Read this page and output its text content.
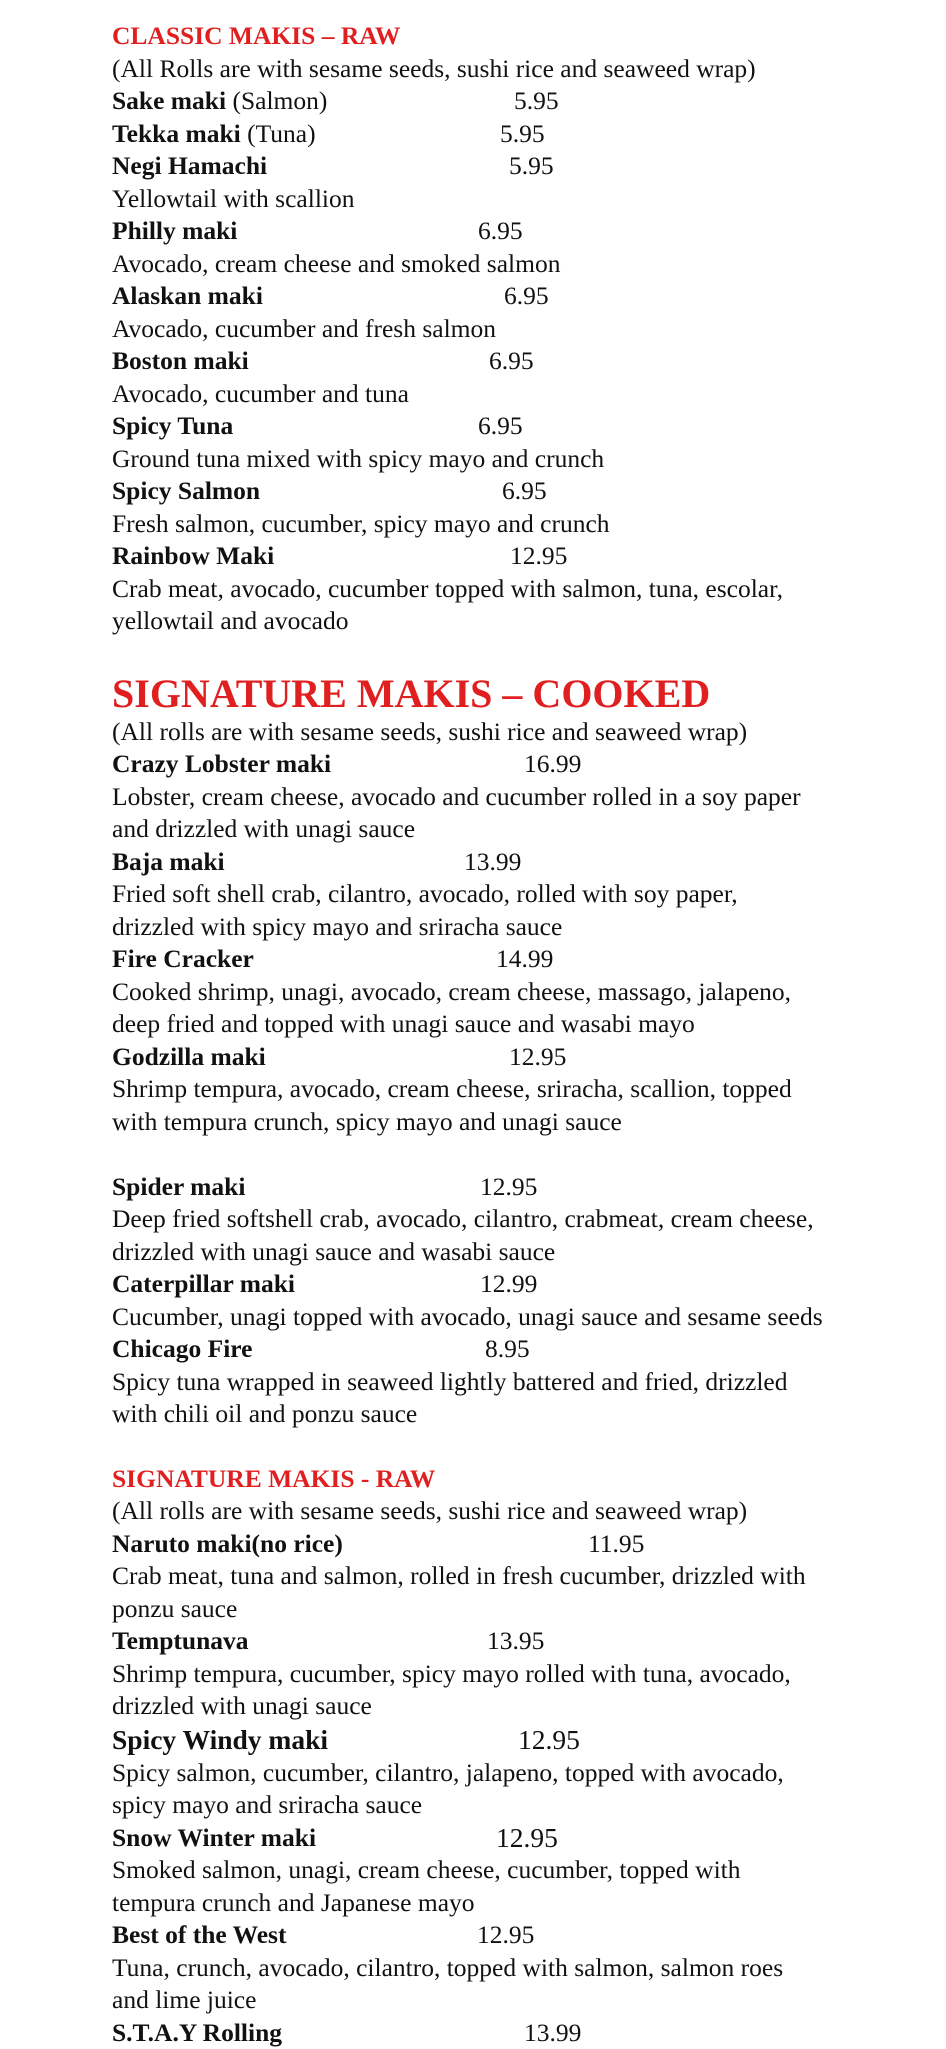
CLASSIC MAKIS – RAW
(All Rolls are with sesame seeds, sushi rice and seaweed wrap)
Sake maki (Salmon)	5.95
Tekka maki (Tuna)	5.95
Negi Hamachi	5.95
Yellowtail with scallion
Philly maki	6.95
Avocado, cream cheese and smoked salmon
Alaskan maki	6.95
Avocado, cucumber and fresh salmon
Boston maki	6.95
Avocado, cucumber and tuna
Spicy Tuna	6.95
Ground tuna mixed with spicy mayo and crunch
Spicy Salmon	6.95
Fresh salmon, cucumber, spicy mayo and crunch
Rainbow Maki	12.95
Crab meat, avocado, cucumber topped with salmon, tuna, escolar,
yellowtail and avocado
SIGNATURE MAKIS – COOKED
(All rolls are with sesame seeds, sushi rice and seaweed wrap)
Crazy Lobster maki	16.99
Lobster, cream cheese, avocado and cucumber rolled in a soy paper
and drizzled with unagi sauce
Baja maki	13.99
Fried soft shell crab, cilantro, avocado, rolled with soy paper,
drizzled with spicy mayo and sriracha sauce
Fire Cracker	14.99
Cooked shrimp, unagi, avocado, cream cheese, massago, jalapeno,
deep fried and topped with unagi sauce and wasabi mayo
Godzilla maki	12.95
Shrimp tempura, avocado, cream cheese, sriracha, scallion, topped
with tempura crunch, spicy mayo and unagi sauce
Spider maki	12.95
Deep fried softshell crab, avocado, cilantro, crabmeat, cream cheese,
drizzled with unagi sauce and wasabi sauce
Caterpillar maki	12.99
Cucumber, unagi topped with avocado, unagi sauce and sesame seeds
Chicago Fire	8.95
Spicy tuna wrapped in seaweed lightly battered and fried, drizzled
with chili oil and ponzu sauce
SIGNATURE MAKIS - RAW
(All rolls are with sesame seeds, sushi rice and seaweed wrap)
Naruto maki(no rice)	11.95
Crab meat, tuna and salmon, rolled in fresh cucumber, drizzled with
ponzu sauce
Temptunava	13.95
Shrimp tempura, cucumber, spicy mayo rolled with tuna, avocado,
drizzled with unagi sauce
Spicy Windy maki	12.95
Spicy salmon, cucumber, cilantro, jalapeno, topped with avocado,
spicy mayo and sriracha sauce
Snow Winter maki	12.95
Smoked salmon, unagi, cream cheese, cucumber, topped with
tempura crunch and Japanese mayo
Best of the West	12.95
Tuna, crunch, avocado, cilantro, topped with salmon, salmon roes
and lime juice
S.T.A.Y Rolling	13.99
